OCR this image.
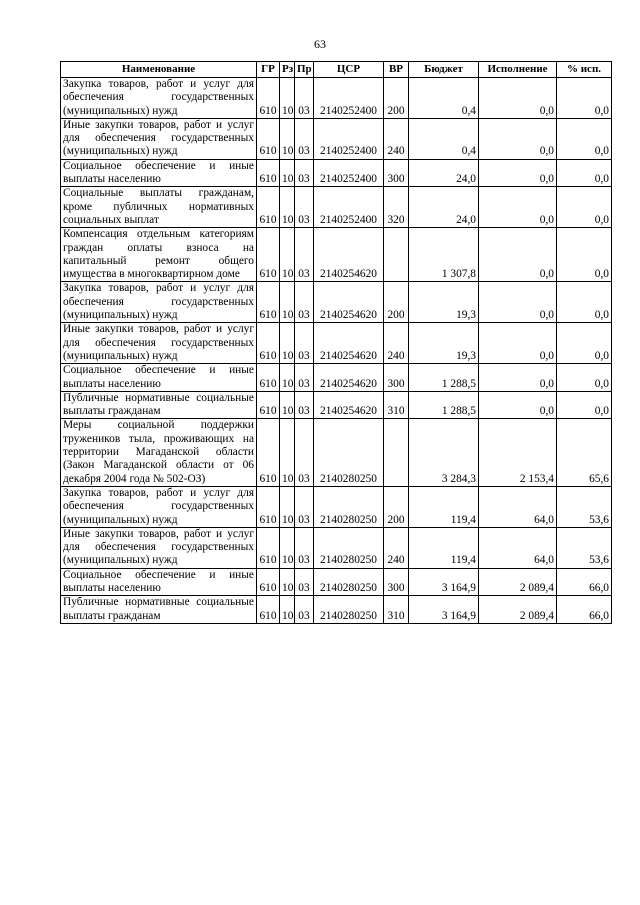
63
Наименование	ГР	Рз	Пр	ЦСР	ВР	Бюджет	Исполнение	% исп.
Закупка товаров, работ и услуг для обеспечения государственных (муниципальных) нужд	610	10	03	2140252400	200	0,4	0,0	0,0
Иные закупки товаров, работ и услуг для обеспечения государственных (муниципальных) нужд	610	10	03	2140252400	240	0,4	0,0	0,0
Социальное обеспечение и иные выплаты населению	610	10	03	2140252400	300	24,0	0,0	0,0
Социальные выплаты гражданам, кроме публичных нормативных социальных выплат	610	10	03	2140252400	320	24,0	0,0	0,0
Компенсация отдельным категориям граждан оплаты взноса на капитальный ремонт общего имущества в многоквартирном доме	610	10	03	2140254620		1 307,8	0,0	0,0
Закупка товаров, работ и услуг для обеспечения государственных (муниципальных) нужд	610	10	03	2140254620	200	19,3	0,0	0,0
Иные закупки товаров, работ и услуг для обеспечения государственных (муниципальных) нужд	610	10	03	2140254620	240	19,3	0,0	0,0
Социальное обеспечение и иные выплаты населению	610	10	03	2140254620	300	1 288,5	0,0	0,0
Публичные нормативные социальные выплаты гражданам	610	10	03	2140254620	310	1 288,5	0,0	0,0
Меры социальной поддержки тружеников тыла, проживающих на территории Магаданской области (Закон Магаданской области от 06 декабря 2004 года № 502-ОЗ)	610	10	03	2140280250		3 284,3	2 153,4	65,6
Закупка товаров, работ и услуг для обеспечения государственных (муниципальных) нужд	610	10	03	2140280250	200	119,4	64,0	53,6
Иные закупки товаров, работ и услуг для обеспечения государственных (муниципальных) нужд	610	10	03	2140280250	240	119,4	64,0	53,6
Социальное обеспечение и иные выплаты населению	610	10	03	2140280250	300	3 164,9	2 089,4	66,0
Публичные нормативные социальные выплаты гражданам	610	10	03	2140280250	310	3 164,9	2 089,4	66,0
